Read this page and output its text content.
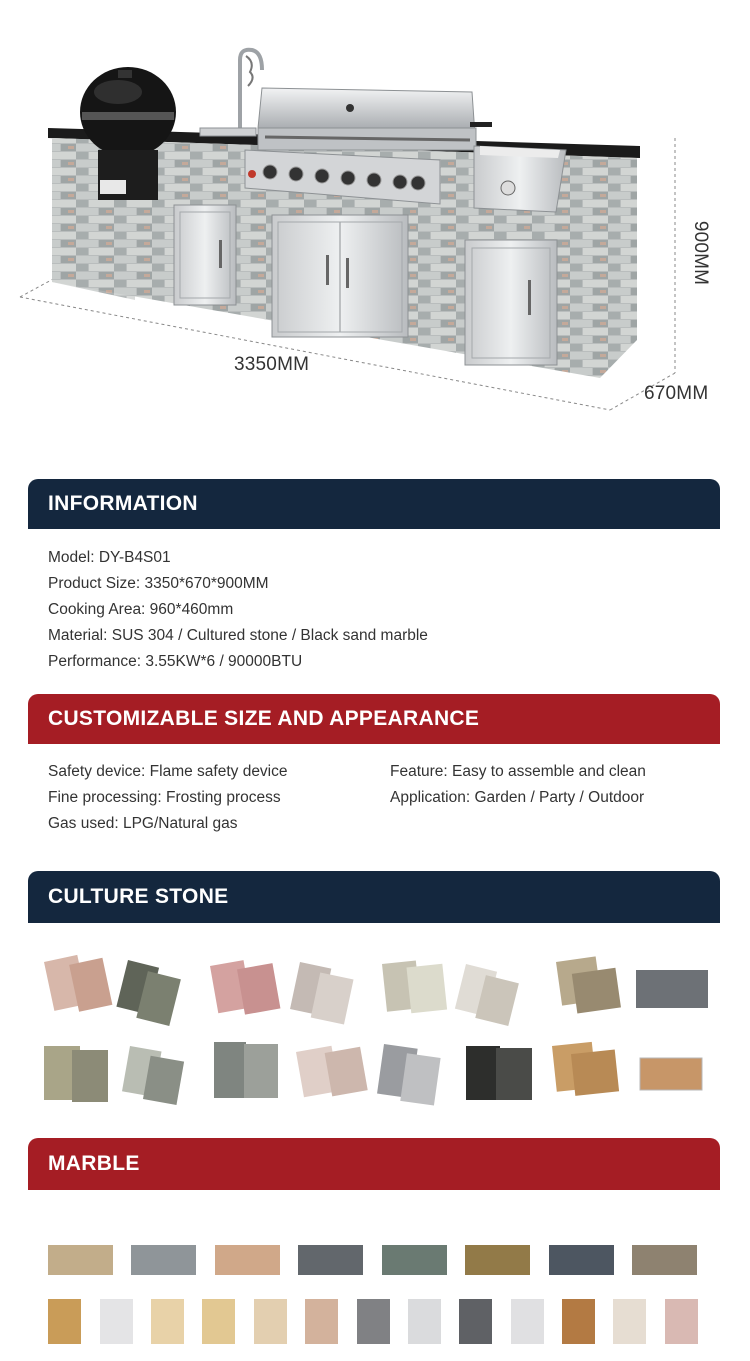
3350MM
670MM
900MM
INFORMATION
Model: DY-B4S01
Product Size: 3350*670*900MM
Cooking Area: 960*460mm
Material: SUS 304 / Cultured stone / Black sand marble
Performance: 3.55KW*6 / 90000BTU
CUSTOMIZABLE SIZE AND APPEARANCE
Safety device: Flame safety device
Fine processing: Frosting process
Gas used: LPG/Natural gas
Feature: Easy to assemble and clean
Application: Garden / Party / Outdoor
CULTURE STONE
MARBLE
